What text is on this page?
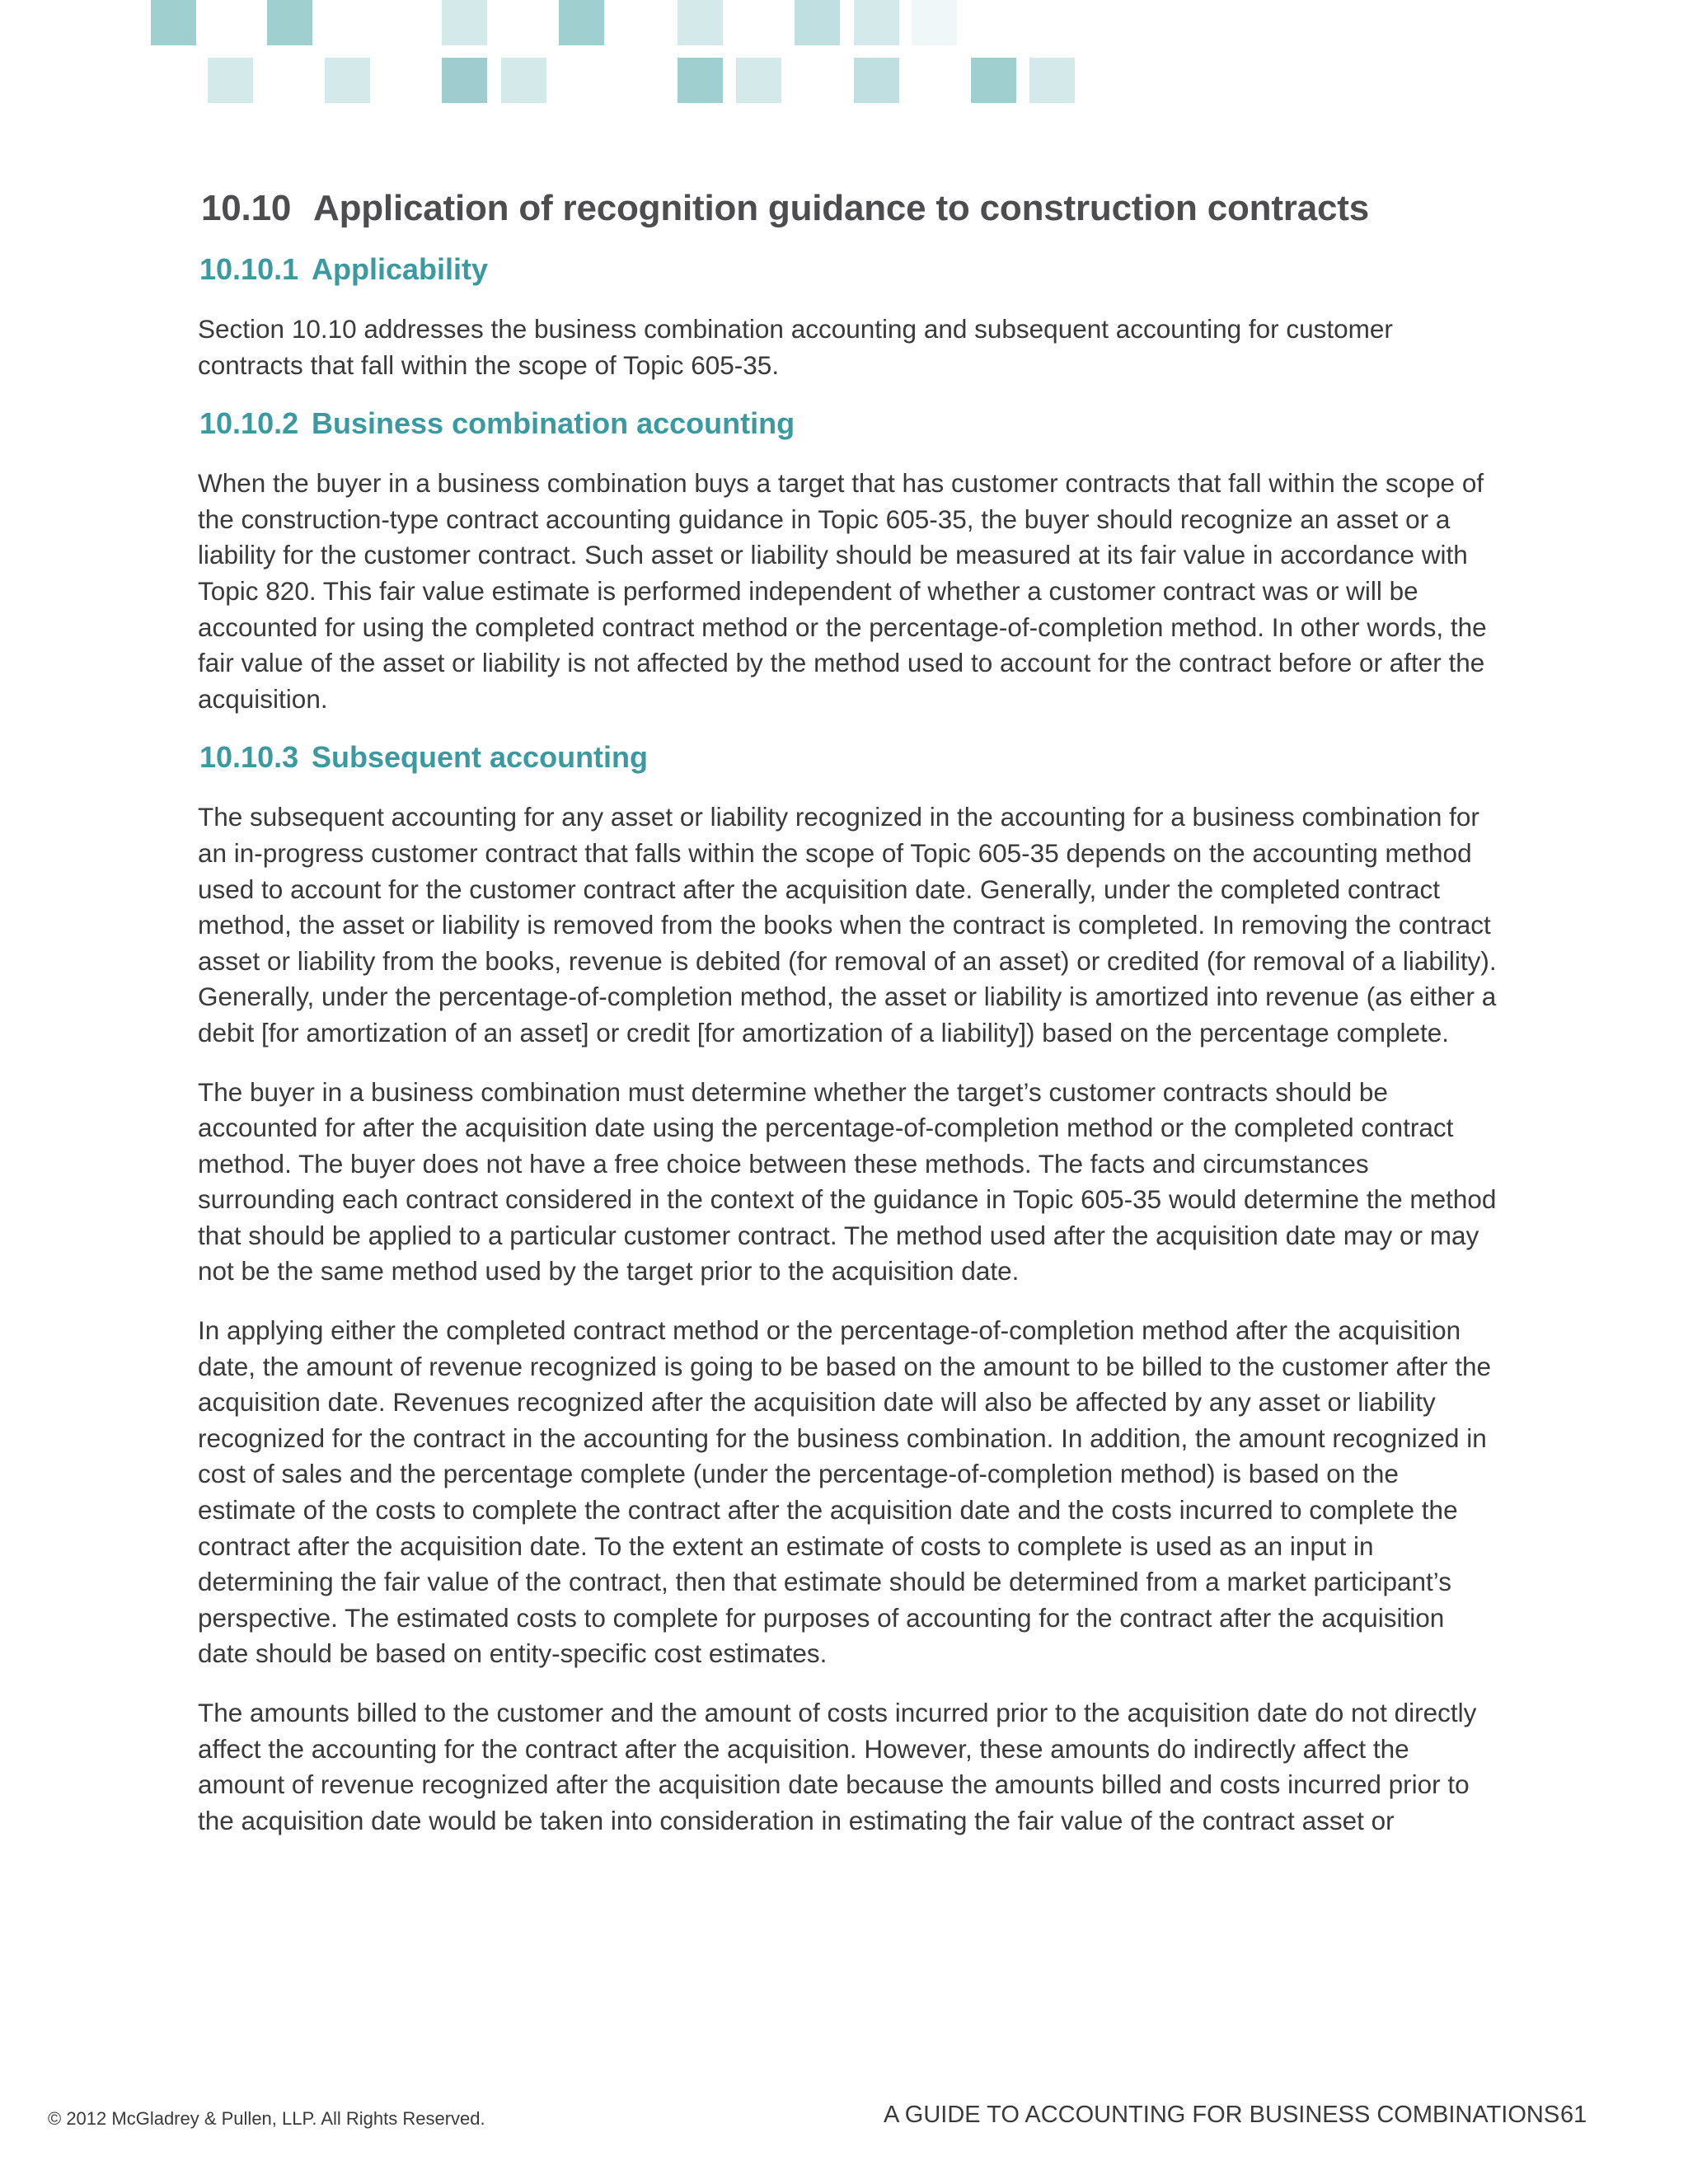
10.10 Application of recognition guidance to construction contracts
10.10.1 Applicability

Section 10.10 addresses the business combination accounting and subsequent accounting for customer contracts that fall within the scope of Topic 605-35.

10.10.2 Business combination accounting

When the buyer in a business combination buys a target that has customer contracts that fall within the scope of the construction-type contract accounting guidance in Topic 605-35, the buyer should recognize an asset or a liability for the customer contract. Such asset or liability should be measured at its fair value in accordance with Topic 820. This fair value estimate is performed independent of whether a customer contract was or will be accounted for using the completed contract method or the percentage-of-completion method. In other words, the fair value of the asset or liability is not affected by the method used to account for the contract before or after the acquisition.

10.10.3 Subsequent accounting

The subsequent accounting for any asset or liability recognized in the accounting for a business combination for an in-progress customer contract that falls within the scope of Topic 605-35 depends on the accounting method used to account for the customer contract after the acquisition date. Generally, under the completed contract method, the asset or liability is removed from the books when the contract is completed. In removing the contract asset or liability from the books, revenue is debited (for removal of an asset) or credited (for removal of a liability). Generally, under the percentage-of-completion method, the asset or liability is amortized into revenue (as either a debit [for amortization of an asset] or credit [for amortization of a liability]) based on the percentage complete.

The buyer in a business combination must determine whether the target’s customer contracts should be accounted for after the acquisition date using the percentage-of-completion method or the completed contract method. The buyer does not have a free choice between these methods. The facts and circumstances surrounding each contract considered in the context of the guidance in Topic 605-35 would determine the method that should be applied to a particular customer contract. The method used after the acquisition date may or may not be the same method used by the target prior to the acquisition date.

In applying either the completed contract method or the percentage-of-completion method after the acquisition date, the amount of revenue recognized is going to be based on the amount to be billed to the customer after the acquisition date. Revenues recognized after the acquisition date will also be affected by any asset or liability recognized for the contract in the accounting for the business combination. In addition, the amount recognized in cost of sales and the percentage complete (under the percentage-of-completion method) is based on the estimate of the costs to complete the contract after the acquisition date and the costs incurred to complete the contract after the acquisition date. To the extent an estimate of costs to complete is used as an input in determining the fair value of the contract, then that estimate should be determined from a market participant’s perspective. The estimated costs to complete for purposes of accounting for the contract after the acquisition date should be based on entity-specific cost estimates.

The amounts billed to the customer and the amount of costs incurred prior to the acquisition date do not directly affect the accounting for the contract after the acquisition. However, these amounts do indirectly affect the amount of revenue recognized after the acquisition date because the amounts billed and costs incurred prior to the acquisition date would be taken into consideration in estimating the fair value of the contract asset or

© 2012 McGladrey & Pullen, LLP. All Rights Reserved.	A GUIDE TO ACCOUNTING FOR BUSINESS COMBINATIONS 61
